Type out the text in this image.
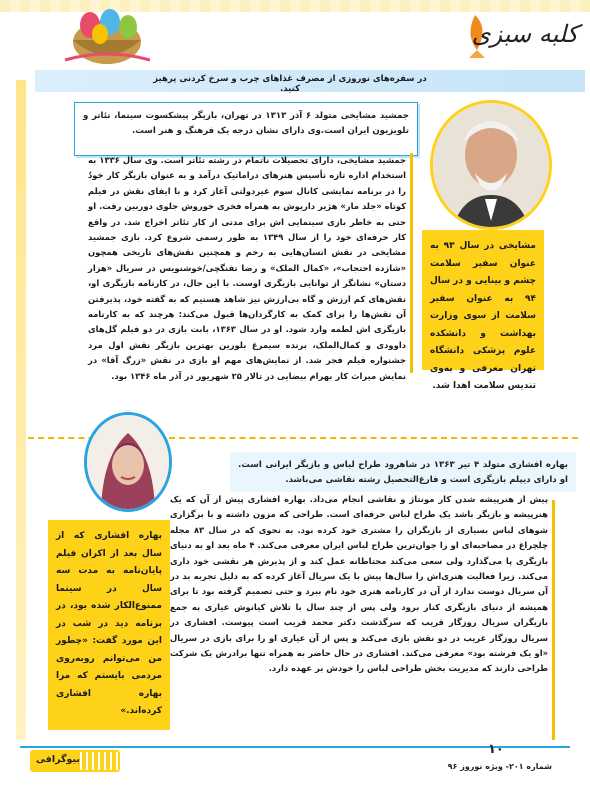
کلبه سبزی
در سفره‌های نوروزی از مصرف غذاهای چرب و سرخ کردنی پرهیز کنید.
جمشید مشایخی متولد ۶ آذر ۱۳۱۳ در تهران، بازیگر پیشکسوت سینما، تئاتر و تلویزیون ایران است.وی دارای نشان درجه یک فرهنگ و هنر است.
جمشید مشایخی، دارای تحصیلات ناتمام در رشته تئاتر است. وی سال ۱۳۳۶ به استخدام اداره تازه تأسیس هنرهای دراماتیک درآمد و به عنوان بازیگر کار خودُ را در برنامه نمایشی کانال سوم غیردولتی آغاز کرد و با ایفای نقش در فیلم کوتاه «جلد مار» هژیر داریوش به همراه فخری خوروش جلوی دوربین رفت. او حتی به خاطر بازی سینمایی اش برای مدتی از کار تئاتر اخراج شد. در واقع کار حرفه‌ای خود را از سال ۱۳۴۹ به طور رسمی شروع کرد. بازی جمشید مشایخی در نقش انسان‌هایی به رحم و همچنین نقش‌های تاریخی همچون «شازده احتجاب»، «کمال الملک» و رضا تفنگچی/خوشنویس در سریال «هزار دستان» نشانگر از توانایی بازیگری اوست. با این حال، در کارنامه بازیگری او، نقش‌های کم ارزش و گاه بی‌ارزش نیز شاهد هستیم که به گفته خود، پذیرفتن آن نقش‌ها را برای کمک به کارگردان‌ها قبول می‌کند: هرچند که به کارنامه بازیگری اش لطمه وارد شود. او در سال ۱۳۶۳، بابت بازی در دو فیلم گل‌های داوودی و کمال‌الملک، برنده سیمرغ بلورین بهترین بازیگر نقش اول مرد جشنواره فیلم فجر شد. از نمایش‌های مهم او بازی در نقش «زرگ آقا» در نمایش میراث کار بهرام بیضایی در تالار ۲۵ شهریور در آذر ماه ۱۳۴۶ بود.
مشایخی در سال ۹۳ به عنوان سفیر سلامت چشم و بینایی و در سال ۹۴ به عنوان سفیر سلامت از سوی وزارت بهداشت و دانشکده علوم پزشکی دانشگاه تهران معرفی و به‌وی تندیس سلامت اهدا شد.
بهاره افشاری متولد ۴ تیر ۱۳۶۳ در شاهرود طراح لباس و بازیگر ایرانی است. او دارای دیپلم بازیگری است و فارغ‌التحصیل رشته نقاشی می‌باشد.
پیش از هنرپیشه شدن کار مونتاژ و نقاشی انجام می‌داد. بهاره افشاری پیش از آن که یک هنرپیشه و بازیگر باشد یک طراح لباس حرفه‌ای است. طراحی که مزون داشته و با برگزاری شوهای لباس بسیاری از بازیگران را مشتری خود کرده بود. به نحوی که در سال ۸۳ مجله چلچراغ در مصاحبه‌ای او را جوان‌ترین طراح لباس ایران معرفی می‌کند. ۴ ماه بعد او به دنیای بازیگری پا می‌گذارد ولی سعی می‌کند محتاطانه عمل کند و از پذیرش هر نقشی خود داری می‌کند. زیرا فعالیت هنری‌اش را سال‌ها پیش با یک سریال آغاز کرده که به دلیل تجربه بد در آن سریال دوست ندارد از آن در کارنامه هنری خود نام ببرد و حتی تصمیم گرفته بود تا برای همیشه از دنیای بازیگری کنار برود ولی پس از چند سال با تلاش کیانوش عیاری به جمع بازیگران سریال روزگار قریب که سرگذشت دکتر محمد قریب است پیوست. افشاری در سریال روزگار غریب در دو نقش بازی می‌کند و پس از آن عیاری او را برای بازی در سریال «او یک فرشته بود» معرفی می‌کند. افشاری در حال حاضر به همراه تنها برادرش یک شرکت طراحی دارند که مدیریت بخش طراحی لباس را خودش بر عهده دارد.
بهاره افشاری که از سال بعد از اکران فیلم پایان‌نامه به مدت سه سال در سینما ممنوع‌الکار شده بود، در برنامه دید در شب در این مورد گفت: «چطور من می‌توانم روبه‌روی مردمی بایستم که مرا بهاره افشاری کرده‌اند.»
۱۰
شماره ۲۰۱- ویژه نوروز ۹۶
بیوگرافی
